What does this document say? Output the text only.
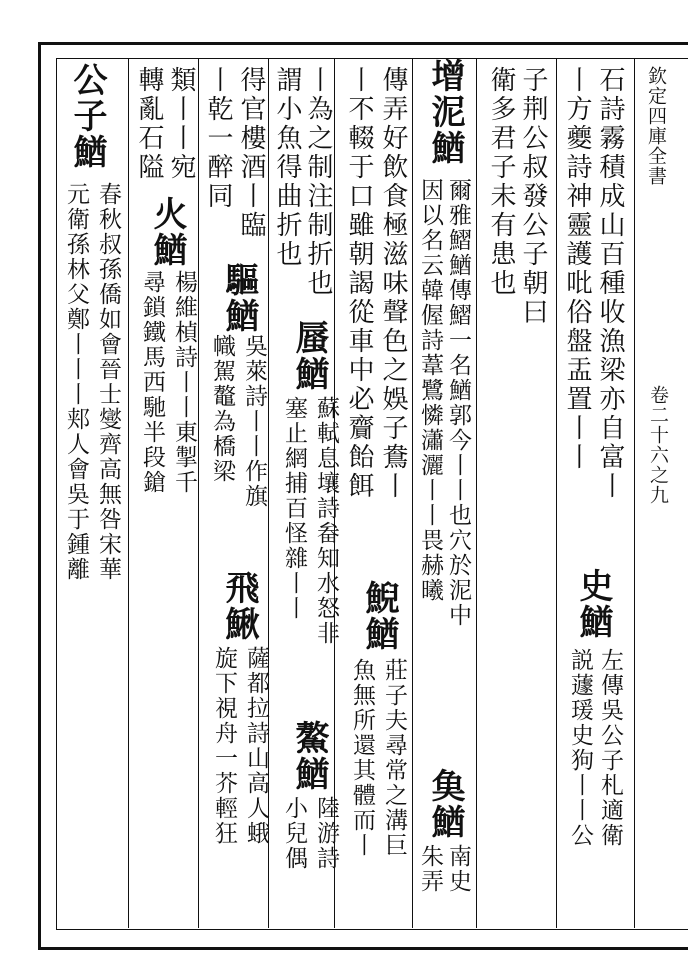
欽定四庫全書
卷二十六之九
石詩霧積成山百種收漁梁亦自富丨
丨方夔詩神靈護吡俗盤盂置丨丨
史鰌
左傳吳公子札適衛
説蘧瑗史狗丨丨公
子荆公叔發公子朝曰
衛多君子未有患也
增泥鰌
爾雅鰼鰌傳鰼一名鰌郭今丨丨也穴於泥中
因以名云韓偓詩葦鷺憐瀟灑丨丨畏赫曦
𩵋鰌
南史
朱弄
傳弄好飲食極滋味聲色之娛子鴦丨
丨不輟于口雖朝謁從車中必齎飴餌
鯢鰌
莊子夫尋常之溝巨
魚無所還其體而丨
丨為之制注制折也
謂小魚得曲折也
蜃鰌
蘇軾息壤詩畚知水怒非
塞止網捕百怪雜丨丨
鰲鰌
陸游詩
小兒偶
得官樓酒丨臨
丨乾一醉同
驅鰌
吳萊詩丨丨作旗
幟駕鼇為橋梁
飛鰍
薩都拉詩山高人蛾
旋下視舟一芥輕狂
類丨丨宛
轉亂石隘
火鰌
楊維楨詩丨丨東掣千
尋鎖鐵馬西馳半段鎗
公子鰌
春秋叔孫僑如會晉士燮齊高無咎宋華
元衛孫林父鄭丨丨丨郏人會吳于鍾離
